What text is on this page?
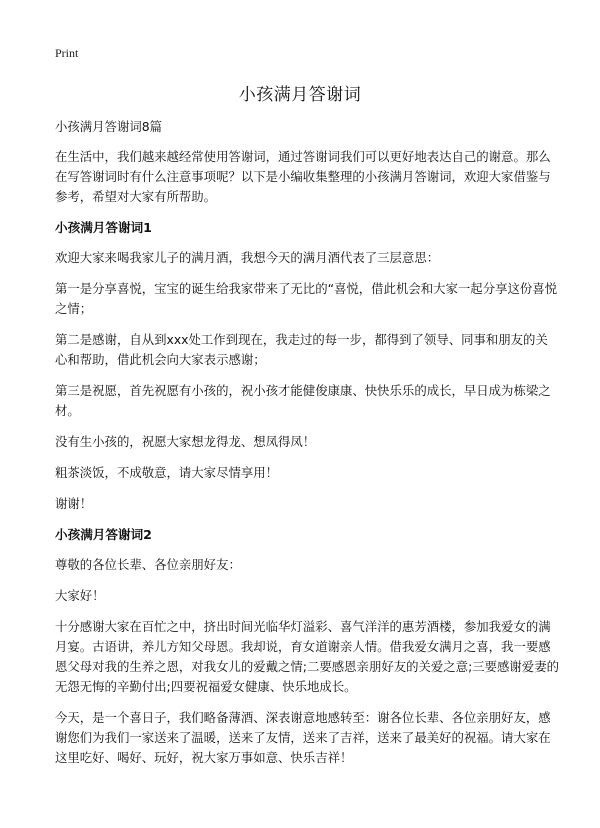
Print
小孩满月答谢词

小孩满月答谢词8篇

在生活中，我们越来越经常使用答谢词，通过答谢词我们可以更好地表达自己的谢意。那么在写答谢词时有什么注意事项呢？以下是小编收集整理的小孩满月答谢词，欢迎大家借鉴与参考，希望对大家有所帮助。

小孩满月答谢词1

欢迎大家来喝我家儿子的满月酒，我想今天的满月酒代表了三层意思：

第一是分享喜悦，宝宝的诞生给我家带来了无比的“喜悦，借此机会和大家一起分享这份喜悦之情；

第二是感谢，自从到xxx处工作到现在，我走过的每一步，都得到了领导、同事和朋友的关心和帮助，借此机会向大家表示感谢；

第三是祝愿，首先祝愿有小孩的，祝小孩才能健俊康康、快快乐乐的成长，早日成为栋梁之材。

没有生小孩的，祝愿大家想龙得龙、想凤得凤！

粗茶淡饭，不成敬意，请大家尽情享用！

谢谢！

小孩满月答谢词2

尊敬的各位长辈、各位亲朋好友：

大家好！

十分感谢大家在百忙之中，挤出时间光临华灯溢彩、喜气洋洋的惠芳酒楼，参加我爱女的满月宴。古语讲，养儿方知父母恩。我却说，育女道谢亲人情。借我爱女满月之喜，我一要感恩父母对我的生养之恩，对我女儿的爱戴之情;二要感恩亲朋好友的关爱之意;三要感谢爱妻的无怨无悔的辛勤付出;四要祝福爱女健康、快乐地成长。

今天，是一个喜日子，我们略备薄酒、深表谢意地感转至：谢各位长辈、各位亲朋好友，感谢您们为我们一家送来了温暖，送来了友情，送来了吉祥，送来了最美好的祝福。请大家在这里吃好、喝好、玩好，祝大家万事如意、快乐吉祥！
